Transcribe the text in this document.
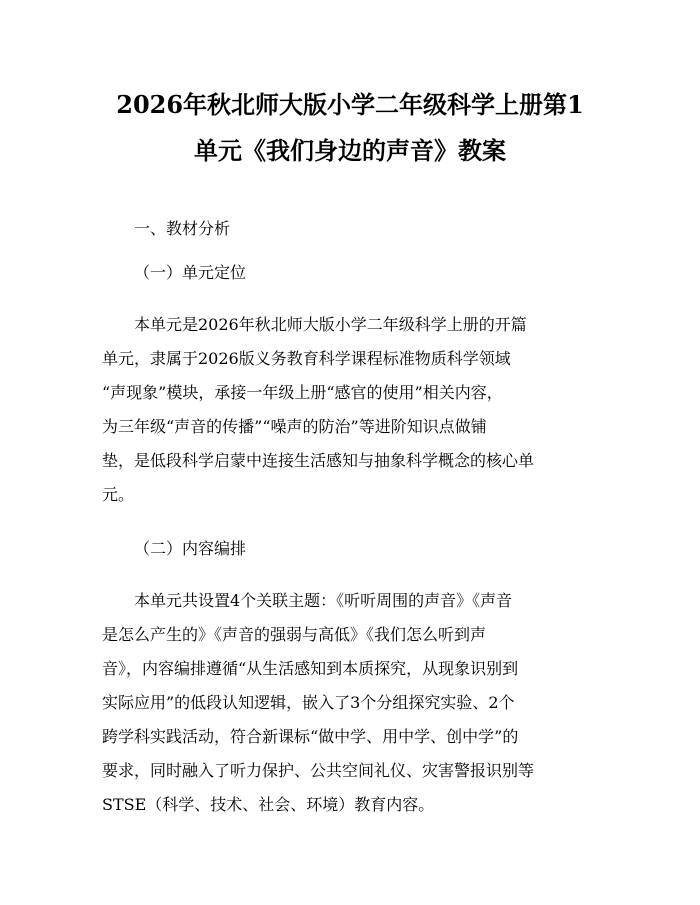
2026年秋北师大版小学二年级科学上册第1
单元《我们身边的声音》教案
一、教材分析
（一）单元定位
本单元是2026年秋北师大版小学二年级科学上册的开篇
单元，隶属于2026版义务教育科学课程标准物质科学领域
“声现象”模块，承接一年级上册“感官的使用”相关内容，
为三年级“声音的传播”“噪声的防治”等进阶知识点做铺
垫，是低段科学启蒙中连接生活感知与抽象科学概念的核心单
元。
（二）内容编排
本单元共设置4个关联主题：《听听周围的声音》《声音
是怎么产生的》《声音的强弱与高低》《我们怎么听到声
音》，内容编排遵循“从生活感知到本质探究，从现象识别到
实际应用”的低段认知逻辑，嵌入了3个分组探究实验、2个
跨学科实践活动，符合新课标“做中学、用中学、创中学”的
要求，同时融入了听力保护、公共空间礼仪、灾害警报识别等
STSE（科学、技术、社会、环境）教育内容。
